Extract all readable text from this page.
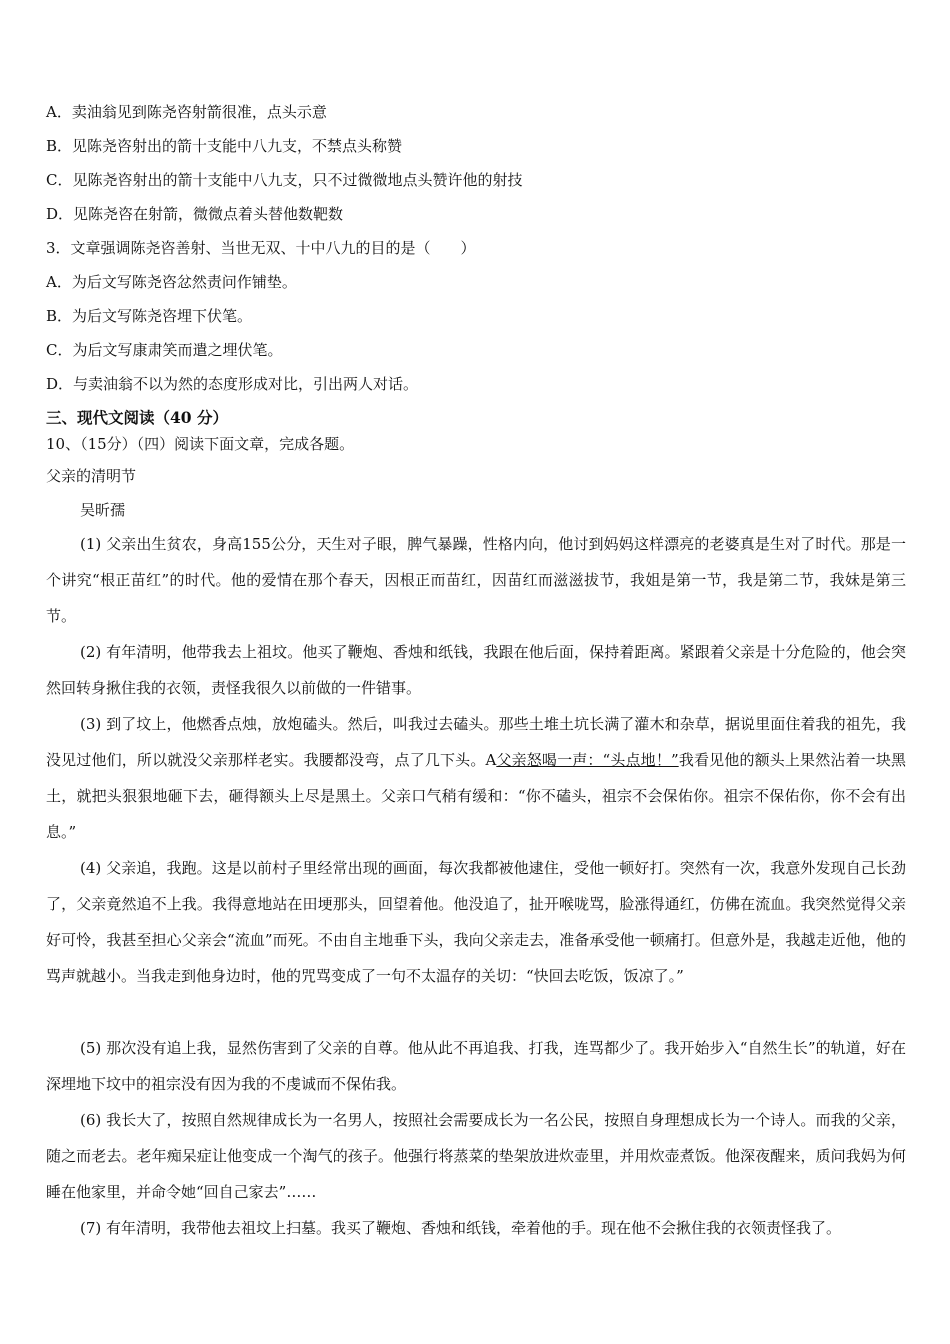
A．卖油翁见到陈尧咨射箭很准，点头示意
B．见陈尧咨射出的箭十支能中八九支，不禁点头称赞
C．见陈尧咨射出的箭十支能中八九支，只不过微微地点头赞许他的射技
D．见陈尧咨在射箭，微微点着头替他数靶数
3．文章强调陈尧咨善射、当世无双、十中八九的目的是（　　）
A．为后文写陈尧咨忿然责问作铺垫。
B．为后文写陈尧咨埋下伏笔。
C．为后文写康肃笑而遣之埋伏笔。
D．与卖油翁不以为然的态度形成对比，引出两人对话。
三、现代文阅读（40 分）
10、（15分）（四）阅读下面文章，完成各题。
父亲的清明节
吴昕孺

(1) 父亲出生贫农，身高155公分，天生对子眼，脾气暴躁，性格内向，他讨到妈妈这样漂亮的老婆真是生对了时代。那是一个讲究“根正苗红”的时代。他的爱情在那个春天，因根正而苗红，因苗红而滋滋拔节，我姐是第一节，我是第二节，我妹是第三节。

(2) 有年清明，他带我去上祖坟。他买了鞭炮、香烛和纸钱，我跟在他后面，保持着距离。紧跟着父亲是十分危险的，他会突然回转身揪住我的衣领，责怪我很久以前做的一件错事。

(3) 到了坟上，他燃香点烛，放炮磕头。然后，叫我过去磕头。那些土堆土坑长满了灌木和杂草，据说里面住着我的祖先，我没见过他们，所以就没父亲那样老实。我腰都没弯，点了几下头。A父亲怒喝一声：“头点地！”我看见他的额头上果然沾着一块黑土，就把头狠狠地砸下去，砸得额头上尽是黑土。父亲口气稍有缓和：“你不磕头，祖宗不会保佑你。祖宗不保佑你，你不会有出息。”

(4) 父亲追，我跑。这是以前村子里经常出现的画面，每次我都被他逮住，受他一顿好打。突然有一次，我意外发现自己长劲了，父亲竟然追不上我。我得意地站在田埂那头，回望着他。他没追了，扯开喉咙骂，脸涨得通红，仿佛在流血。我突然觉得父亲好可怜，我甚至担心父亲会“流血”而死。不由自主地垂下头，我向父亲走去，准备承受他一顿痛打。但意外是，我越走近他，他的骂声就越小。当我走到他身边时，他的咒骂变成了一句不太温存的关切：“快回去吃饭，饭凉了。”

(5) 那次没有追上我，显然伤害到了父亲的自尊。他从此不再追我、打我，连骂都少了。我开始步入“自然生长”的轨道，好在深埋地下坟中的祖宗没有因为我的不虔诚而不保佑我。

(6) 我长大了，按照自然规律成长为一名男人，按照社会需要成长为一名公民，按照自身理想成长为一个诗人。而我的父亲，随之而老去。老年痴呆症让他变成一个淘气的孩子。他强行将蒸菜的垫架放进炊壶里，并用炊壶煮饭。他深夜醒来，质问我妈为何睡在他家里，并命令她“回自己家去”……

(7) 有年清明，我带他去祖坟上扫墓。我买了鞭炮、香烛和纸钱，牵着他的手。现在他不会揪住我的衣领责怪我了。
